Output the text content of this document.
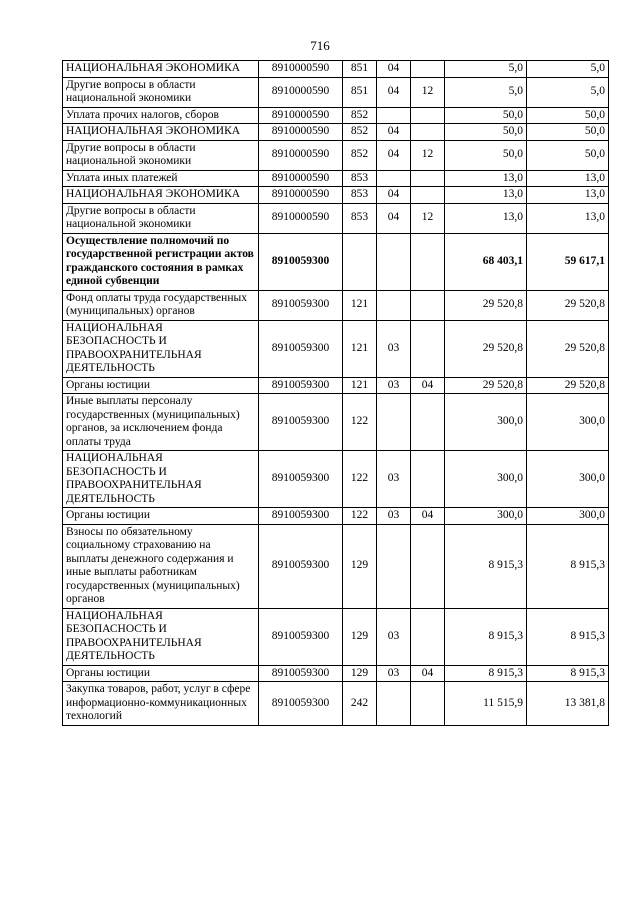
716
НАЦИОНАЛЬНАЯ ЭКОНОМИКА	8910000590	851	04		5,0	5,0
Другие вопросы в области национальной экономики	8910000590	851	04	12	5,0	5,0
Уплата прочих налогов, сборов	8910000590	852			50,0	50,0
НАЦИОНАЛЬНАЯ ЭКОНОМИКА	8910000590	852	04		50,0	50,0
Другие вопросы в области национальной экономики	8910000590	852	04	12	50,0	50,0
Уплата иных платежей	8910000590	853			13,0	13,0
НАЦИОНАЛЬНАЯ ЭКОНОМИКА	8910000590	853	04		13,0	13,0
Другие вопросы в области национальной экономики	8910000590	853	04	12	13,0	13,0
Осуществление полномочий по государственной регистрации актов гражданского состояния в рамках единой субвенции	8910059300				68 403,1	59 617,1
Фонд оплаты труда государственных (муниципальных) органов	8910059300	121			29 520,8	29 520,8
НАЦИОНАЛЬНАЯ БЕЗОПАСНОСТЬ И ПРАВООХРАНИТЕЛЬНАЯ ДЕЯТЕЛЬНОСТЬ	8910059300	121	03		29 520,8	29 520,8
Органы юстиции	8910059300	121	03	04	29 520,8	29 520,8
Иные выплаты персоналу государственных (муниципальных) органов, за исключением фонда оплаты труда	8910059300	122			300,0	300,0
НАЦИОНАЛЬНАЯ БЕЗОПАСНОСТЬ И ПРАВООХРАНИТЕЛЬНАЯ ДЕЯТЕЛЬНОСТЬ	8910059300	122	03		300,0	300,0
Органы юстиции	8910059300	122	03	04	300,0	300,0
Взносы по обязательному социальному страхованию на выплаты денежного содержания и иные выплаты работникам государственных (муниципальных) органов	8910059300	129			8 915,3	8 915,3
НАЦИОНАЛЬНАЯ БЕЗОПАСНОСТЬ И ПРАВООХРАНИТЕЛЬНАЯ ДЕЯТЕЛЬНОСТЬ	8910059300	129	03		8 915,3	8 915,3
Органы юстиции	8910059300	129	03	04	8 915,3	8 915,3
Закупка товаров, работ, услуг в сфере информационно-коммуникационных технологий	8910059300	242			11 515,9	13 381,8
